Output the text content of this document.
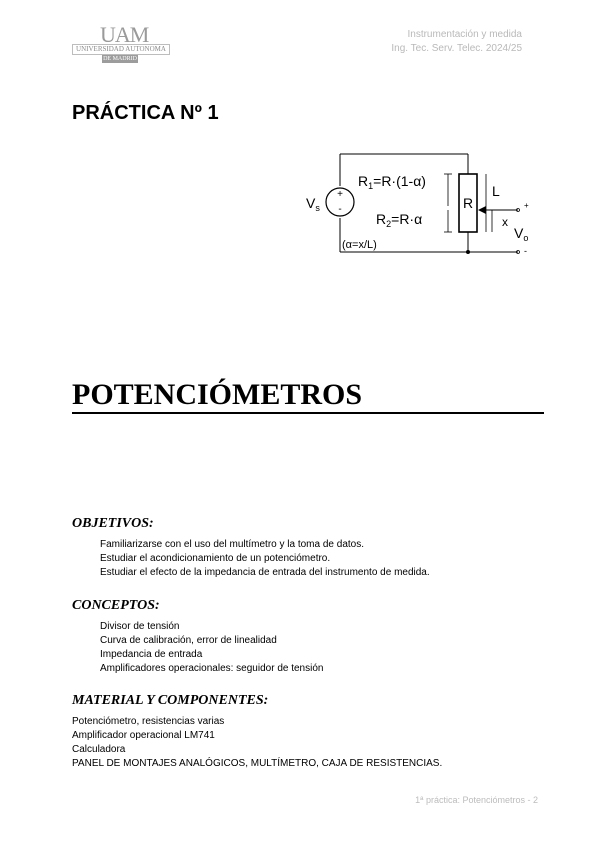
UAM
UNIVERSIDAD AUTONOMA
DE MADRID
Instrumentación y medida
Ing. Tec. Serv. Telec. 2024/25
PRÁCTICA Nº 1
+
-
$V_s$
$R_1=R\cdot(1-\alpha)$
$R_2=R\cdot\alpha$
R
L
x
+
-
$V_o$
(α=x/L)
POTENCIÓMETROS
OBJETIVOS:
Familiarizarse con el uso del multímetro y la toma de datos.
Estudiar el acondicionamiento de un potenciómetro.
Estudiar el efecto de la impedancia de entrada del instrumento de medida.
CONCEPTOS:
Divisor de tensión
Curva de calibración, error de linealidad
Impedancia de entrada
Amplificadores operacionales: seguidor de tensión
MATERIAL Y COMPONENTES:
Potenciómetro, resistencias varias
Amplificador operacional LM741
Calculadora
PANEL DE MONTAJES ANALÓGICOS, MULTÍMETRO, CAJA DE RESISTENCIAS.
1ª práctica: Potenciómetros - 2
